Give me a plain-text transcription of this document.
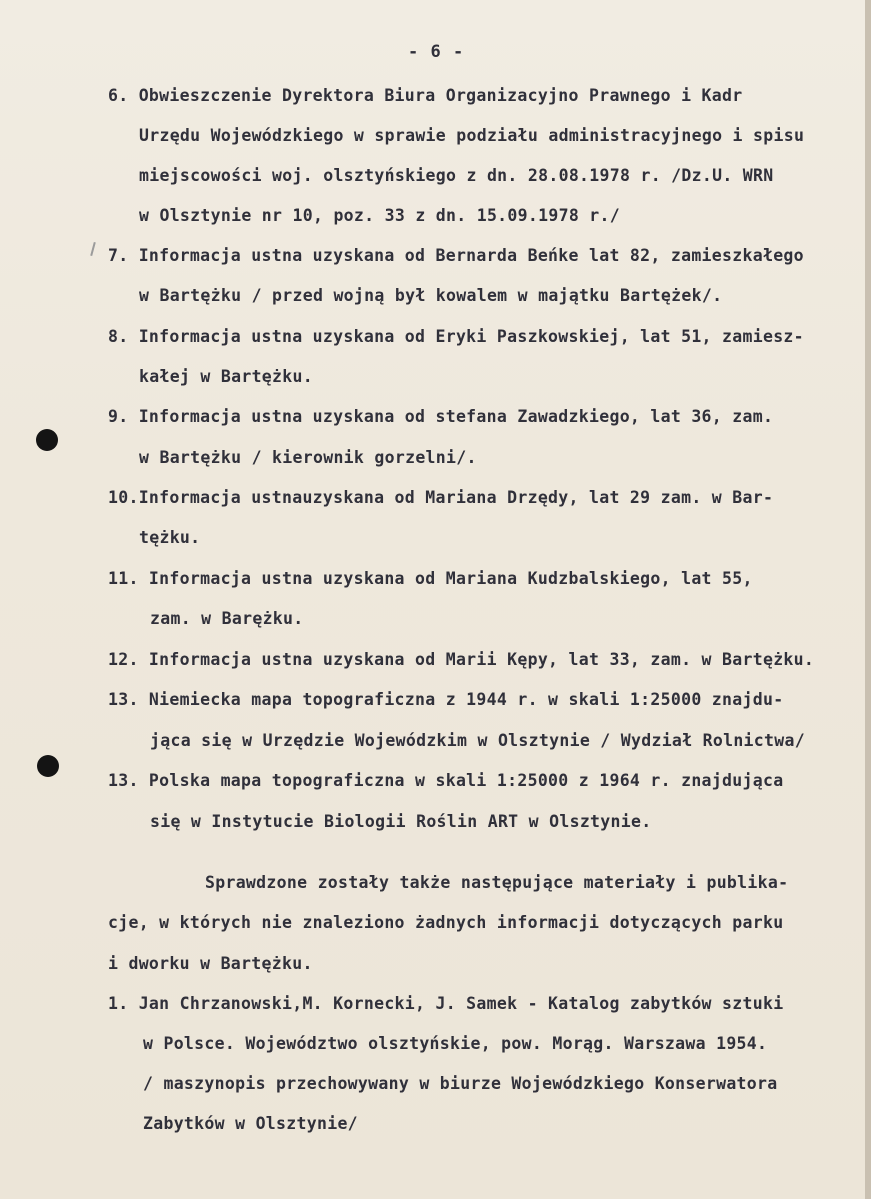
- 6 -
6. Obwieszczenie Dyrektora Biura Organizacyjno Prawnego i Kadr
Urzędu Wojewódzkiego w sprawie podziału administracyjnego i spisu
miejscowości woj. olsztyńskiego z dn. 28.08.1978 r. /Dz.U. WRN
w Olsztynie nr 10, poz. 33 z dn. 15.09.1978 r./
7. Informacja ustna uzyskana od Bernarda Beńke lat 82, zamieszkałego
w Bartężku / przed wojną był kowalem w majątku Bartężek/.
8. Informacja ustna uzyskana od Eryki Paszkowskiej, lat 51, zamiesz-
kałej w Bartężku.
9. Informacja ustna uzyskana od stefana Zawadzkiego, lat 36, zam.
w Bartężku / kierownik gorzelni/.
10.Informacja ustnauzyskana od Mariana Drzędy, lat 29 zam. w Bar-
tężku.
11. Informacja ustna uzyskana od Mariana Kudzbalskiego, lat 55,
zam. w Barężku.
12. Informacja ustna uzyskana od Marii Kępy, lat 33, zam. w Bartężku.
13. Niemiecka mapa topograficzna z 1944 r. w skali 1:25000 znajdu-
jąca się w Urzędzie Wojewódzkim w Olsztynie / Wydział Rolnictwa/
13. Polska mapa topograficzna w skali 1:25000 z 1964 r. znajdująca
się w Instytucie Biologii Roślin ART w Olsztynie.
Sprawdzone zostały także następujące materiały i publika-
cje, w których nie znaleziono żadnych informacji dotyczących parku
i dworku w Bartężku.
1. Jan Chrzanowski,M. Kornecki, J. Samek - Katalog zabytków sztuki
w Polsce. Województwo olsztyńskie, pow. Morąg. Warszawa 1954.
/ maszynopis przechowywany w biurze Wojewódzkiego Konserwatora
Zabytków w Olsztynie/
